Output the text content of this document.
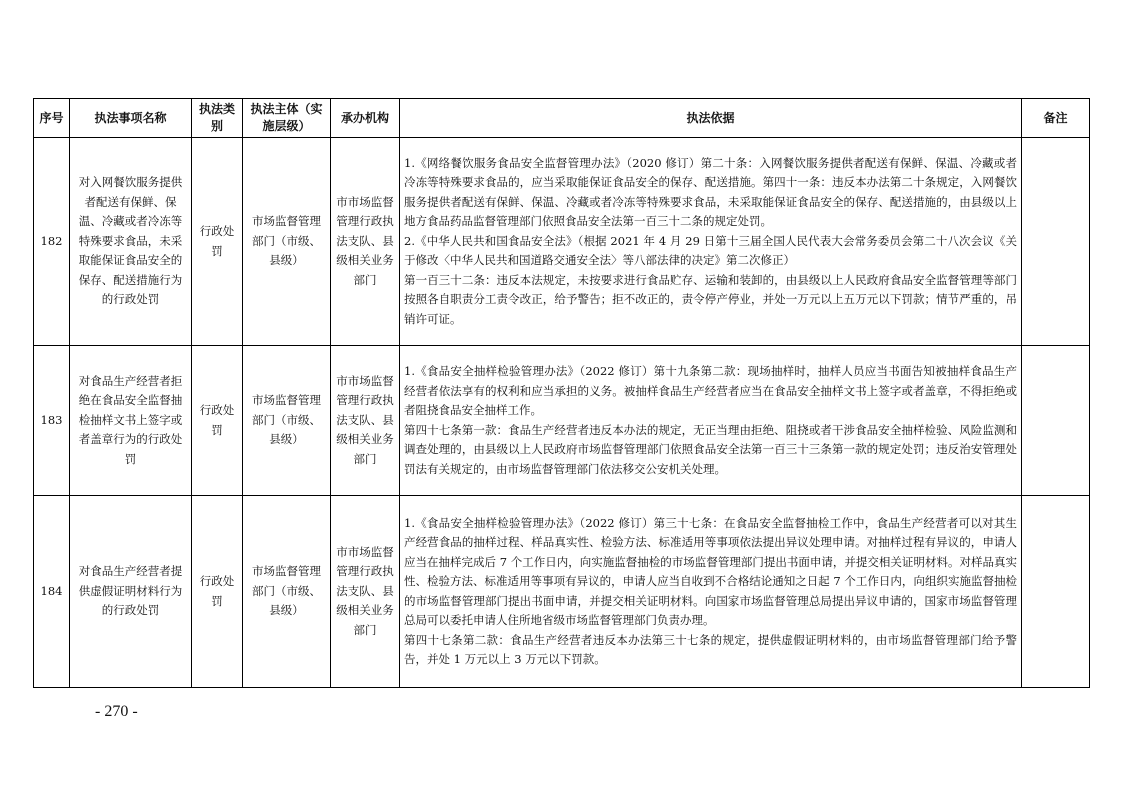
序号	执法事项名称	执法类别	执法主体（实施层级）	承办机构	执法依据	备注
182	对入网餐饮服务提供者配送有保鲜、保温、冷藏或者冷冻等特殊要求食品，未采取能保证食品安全的保存、配送措施行为的行政处罚	行政处罚	市场监督管理部门（市级、县级）	市市场监督管理行政执法支队、县级相关业务部门	1.《网络餐饮服务食品安全监督管理办法》（2020 修订）第二十条：入网餐饮服务提供者配送有保鲜、保温、冷藏或者冷冻等特殊要求食品的，应当采取能保证食品安全的保存、配送措施。第四十一条：违反本办法第二十条规定，入网餐饮服务提供者配送有保鲜、保温、冷藏或者冷冻等特殊要求食品，未采取能保证食品安全的保存、配送措施的，由县级以上地方食品药品监督管理部门依照食品安全法第一百三十二条的规定处罚。

2.《中华人民共和国食品安全法》（根据 2021 年 4 月 29 日第十三届全国人民代表大会常务委员会第二十八次会议《关于修改〈中华人民共和国道路交通安全法〉等八部法律的决定》第二次修正）

第一百三十二条：违反本法规定，未按要求进行食品贮存、运输和装卸的，由县级以上人民政府食品安全监督管理等部门按照各自职责分工责令改正，给予警告；拒不改正的，责令停产停业，并处一万元以上五万元以下罚款；情节严重的，吊销许可证。	

183	对食品生产经营者拒绝在食品安全监督抽检抽样文书上签字或者盖章行为的行政处罚	行政处罚	市场监督管理部门（市级、县级）	市市场监督管理行政执法支队、县级相关业务部门	1.《食品安全抽样检验管理办法》（2022 修订）第十九条第二款：现场抽样时，抽样人员应当书面告知被抽样食品生产经营者依法享有的权利和应当承担的义务。被抽样食品生产经营者应当在食品安全抽样文书上签字或者盖章，不得拒绝或者阻挠食品安全抽样工作。

第四十七条第一款：食品生产经营者违反本办法的规定，无正当理由拒绝、阻挠或者干涉食品安全抽样检验、风险监测和调查处理的，由县级以上人民政府市场监督管理部门依照食品安全法第一百三十三条第一款的规定处罚；违反治安管理处罚法有关规定的，由市场监督管理部门依法移交公安机关处理。	

184	对食品生产经营者提供虚假证明材料行为的行政处罚	行政处罚	市场监督管理部门（市级、县级）	市市场监督管理行政执法支队、县级相关业务部门	1.《食品安全抽样检验管理办法》（2022 修订）第三十七条：在食品安全监督抽检工作中，食品生产经营者可以对其生产经营食品的抽样过程、样品真实性、检验方法、标准适用等事项依法提出异议处理申请。对抽样过程有异议的，申请人应当在抽样完成后 7 个工作日内，向实施监督抽检的市场监督管理部门提出书面申请，并提交相关证明材料。对样品真实性、检验方法、标准适用等事项有异议的，申请人应当自收到不合格结论通知之日起 7 个工作日内，向组织实施监督抽检的市场监督管理部门提出书面申请，并提交相关证明材料。向国家市场监督管理总局提出异议申请的，国家市场监督管理总局可以委托申请人住所地省级市场监督管理部门负责办理。

第四十七条第二款：食品生产经营者违反本办法第三十七条的规定，提供虚假证明材料的，由市场监督管理部门给予警告，并处 1 万元以上 3 万元以下罚款。	

- 270 -
